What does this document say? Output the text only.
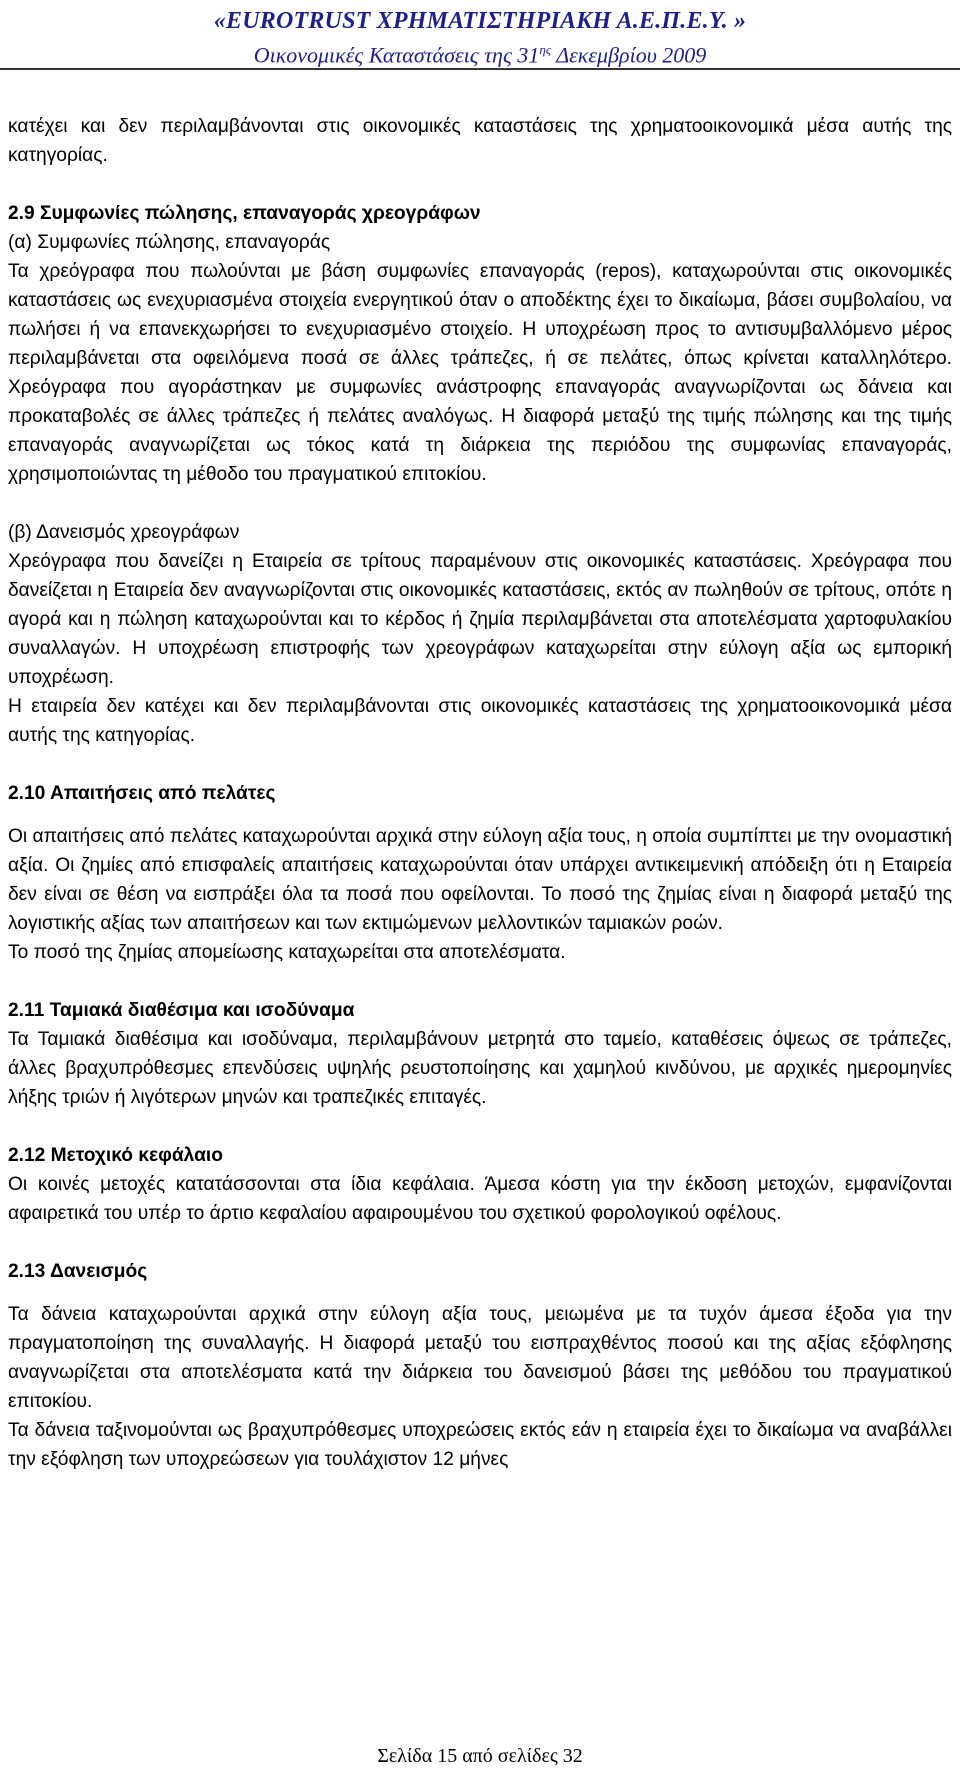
«EUROTRUST ΧΡΗΜΑΤΙΣΤΗΡΙΑΚΗ Α.Ε.Π.Ε.Υ. »
Οικονομικές Καταστάσεις της $31^{\eta\varsigma}$ Δεκεμβρίου 2009

κατέχει και δεν περιλαμβάνονται στις οικονομικές καταστάσεις της χρηματοοικονομικά μέσα αυτής της κατηγορίας.

2.9 Συμφωνίες πώλησης, επαναγοράς χρεογράφων

(α) Συμφωνίες πώλησης, επαναγοράς

Τα χρεόγραφα που πωλούνται με βάση συμφωνίες επαναγοράς (repos), καταχωρούνται στις οικονομικές καταστάσεις ως ενεχυριασμένα στοιχεία ενεργητικού όταν ο αποδέκτης έχει το δικαίωμα, βάσει συμβολαίου, να πωλήσει ή να επανεκχωρήσει το ενεχυριασμένο στοιχείο. Η υποχρέωση προς το αντισυμβαλλόμενο μέρος περιλαμβάνεται στα οφειλόμενα ποσά σε άλλες τράπεζες, ή σε πελάτες, όπως κρίνεται καταλληλότερο. Χρεόγραφα που αγοράστηκαν με συμφωνίες ανάστροφης επαναγοράς αναγνωρίζονται ως δάνεια και προκαταβολές σε άλλες τράπεζες ή πελάτες αναλόγως. Η διαφορά μεταξύ της τιμής πώλησης και της τιμής επαναγοράς αναγνωρίζεται ως τόκος κατά τη διάρκεια της περιόδου της συμφωνίας επαναγοράς, χρησιμοποιώντας τη μέθοδο του πραγματικού επιτοκίου.

(β) Δανεισμός χρεογράφων

Χρεόγραφα που δανείζει η Εταιρεία σε τρίτους παραμένουν στις οικονομικές καταστάσεις. Χρεόγραφα που δανείζεται η Εταιρεία δεν αναγνωρίζονται στις οικονομικές καταστάσεις, εκτός αν πωληθούν σε τρίτους, οπότε η αγορά και η πώληση καταχωρούνται και το κέρδος ή ζημία περιλαμβάνεται στα αποτελέσματα χαρτοφυλακίου συναλλαγών. Η υποχρέωση επιστροφής των χρεογράφων καταχωρείται στην εύλογη αξία ως εμπορική υποχρέωση.

Η εταιρεία δεν κατέχει και δεν περιλαμβάνονται στις οικονομικές καταστάσεις της χρηματοοικονομικά μέσα αυτής της κατηγορίας.

2.10 Απαιτήσεις από πελάτες

Οι απαιτήσεις από πελάτες καταχωρούνται αρχικά στην εύλογη αξία τους, η οποία συμπίπτει με την ονομαστική αξία. Οι ζημίες από επισφαλείς απαιτήσεις καταχωρούνται όταν υπάρχει αντικειμενική απόδειξη ότι η Εταιρεία δεν είναι σε θέση να εισπράξει όλα τα ποσά που οφείλονται. Το ποσό της ζημίας είναι η διαφορά μεταξύ της λογιστικής αξίας των απαιτήσεων και των εκτιμώμενων μελλοντικών ταμιακών ροών.

Το ποσό της ζημίας απομείωσης καταχωρείται στα αποτελέσματα.

2.11 Ταμιακά διαθέσιμα και ισοδύναμα

Τα Ταμιακά διαθέσιμα και ισοδύναμα, περιλαμβάνουν μετρητά στο ταμείο, καταθέσεις όψεως σε τράπεζες, άλλες βραχυπρόθεσμες επενδύσεις υψηλής ρευστοποίησης και χαμηλού κινδύνου, με αρχικές ημερομηνίες λήξης τριών ή λιγότερων μηνών και τραπεζικές επιταγές.

2.12 Μετοχικό κεφάλαιο

Οι κοινές μετοχές κατατάσσονται στα ίδια κεφάλαια. Άμεσα κόστη για την έκδοση μετοχών, εμφανίζονται αφαιρετικά του υπέρ το άρτιο κεφαλαίου αφαιρουμένου του σχετικού φορολογικού οφέλους.

2.13 Δανεισμός

Τα δάνεια καταχωρούνται αρχικά στην εύλογη αξία τους, μειωμένα με τα τυχόν άμεσα έξοδα για την πραγματοποίηση της συναλλαγής. Η διαφορά μεταξύ του εισπραχθέντος ποσού και της αξίας εξόφλησης αναγνωρίζεται στα αποτελέσματα κατά την διάρκεια του δανεισμού βάσει της μεθόδου του πραγματικού επιτοκίου.

Τα δάνεια ταξινομούνται ως βραχυπρόθεσμες υποχρεώσεις εκτός εάν η εταιρεία έχει το δικαίωμα να αναβάλλει την εξόφληση των υποχρεώσεων για τουλάχιστον 12 μήνες

Σελίδα 15 από σελίδες 32
